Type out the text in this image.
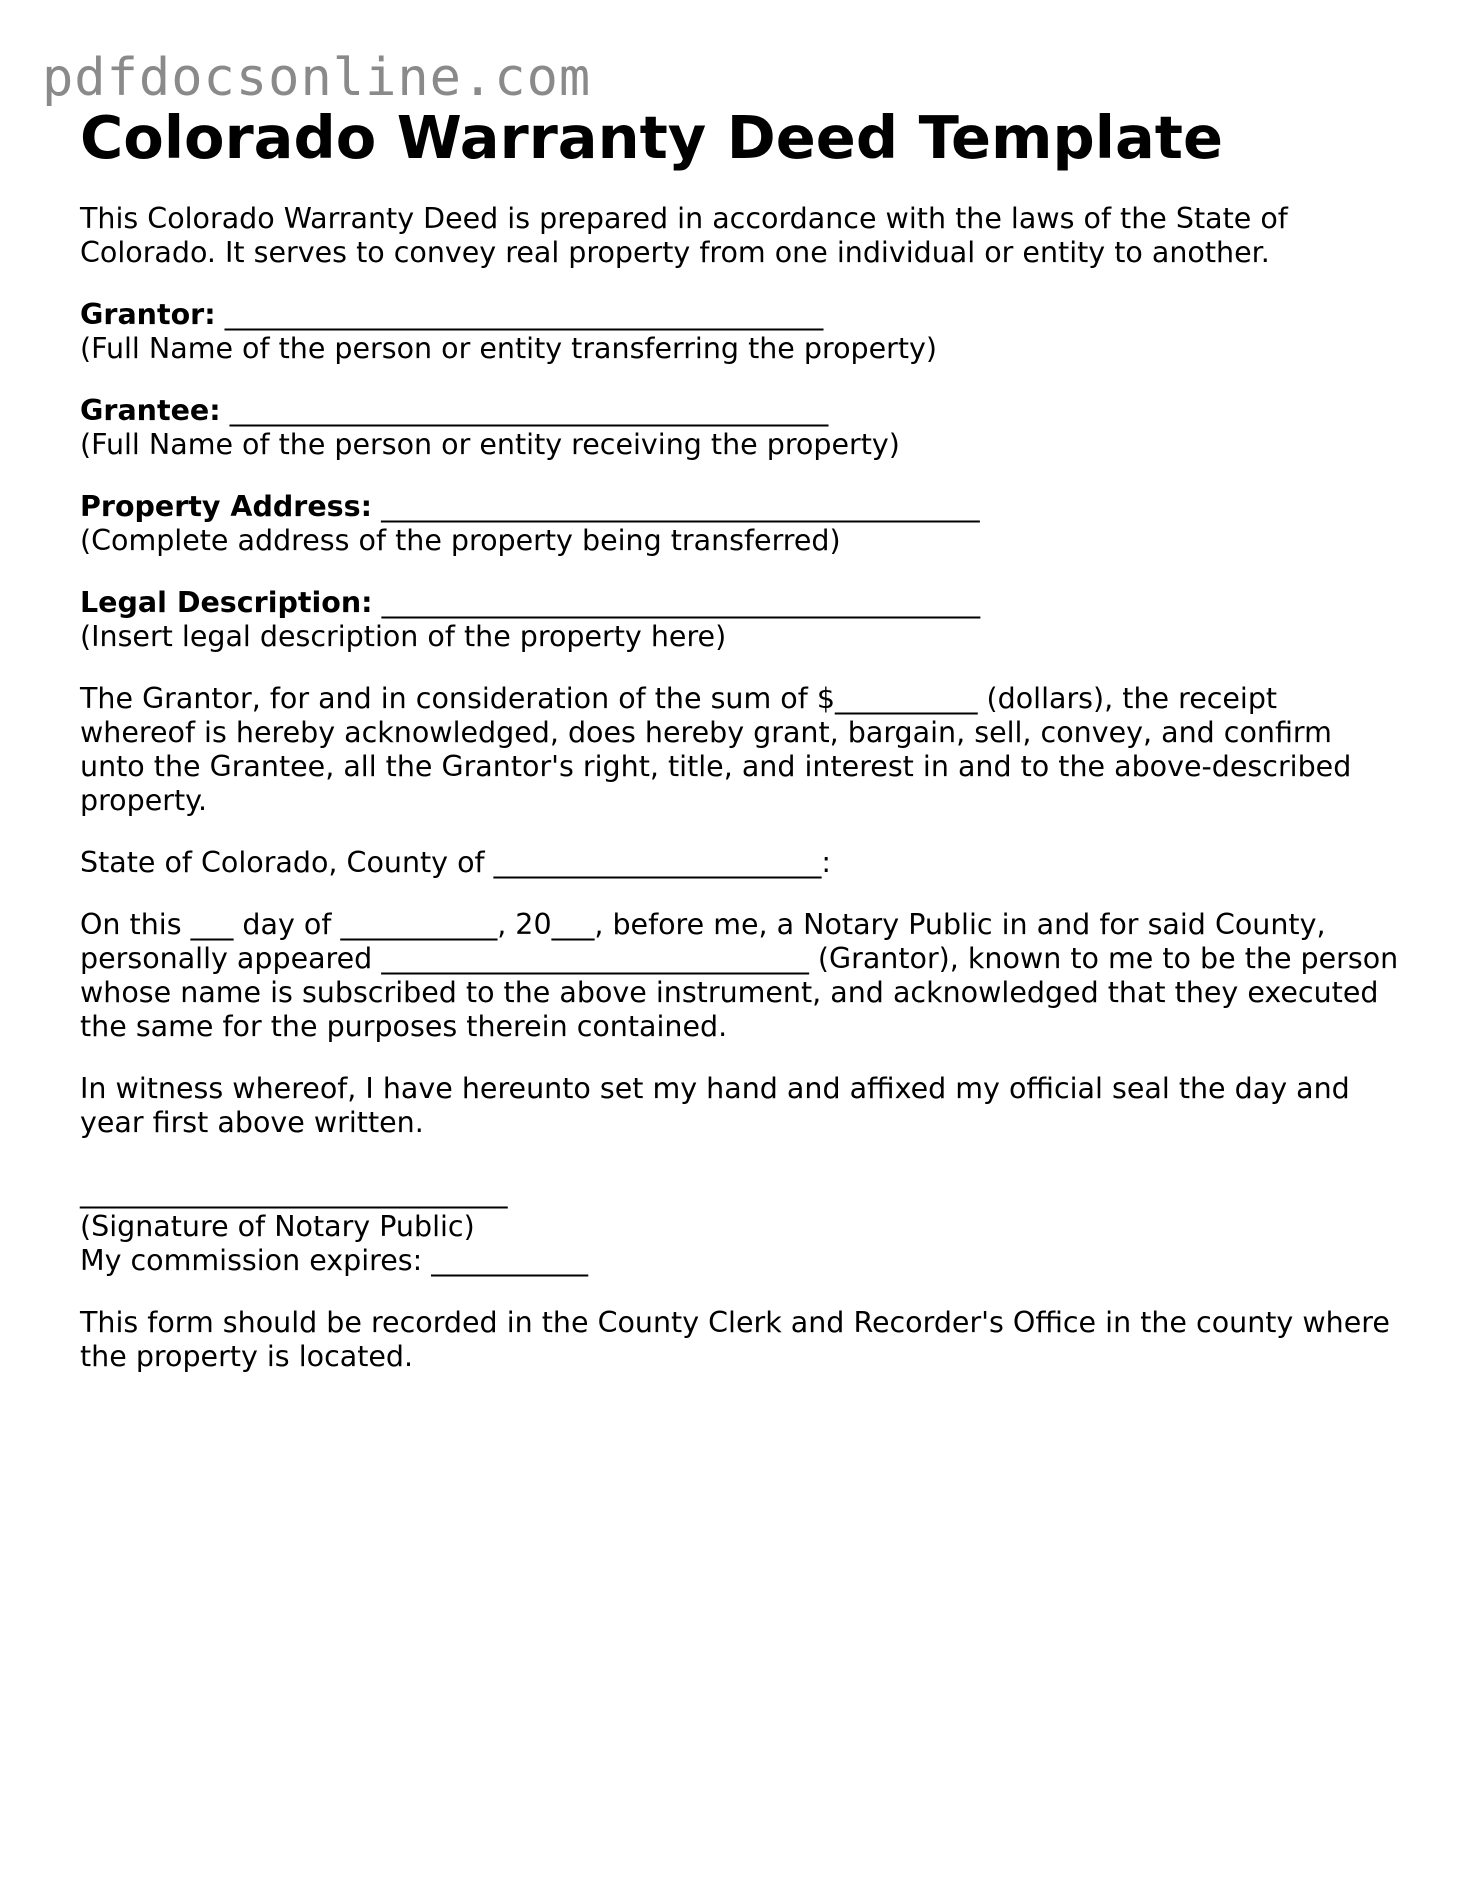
pdfdocsonline.com
Colorado Warranty Deed Template

This Colorado Warranty Deed is prepared in accordance with the laws of the State of Colorado. It serves to convey real property from one individual or entity to another.

Grantor: __________________________________________

(Full Name of the person or entity transferring the property)

Grantee: __________________________________________

(Full Name of the person or entity receiving the property)

Property Address: __________________________________________

(Complete address of the property being transferred)

Legal Description: __________________________________________

(Insert legal description of the property here)

The Grantor, for and in consideration of the sum of $__________ (dollars), the receipt whereof is hereby acknowledged, does hereby grant, bargain, sell, convey, and confirm unto the Grantee, all the Grantor's right, title, and interest in and to the above-described property.

State of Colorado, County of _______________________:

On this ___ day of ___________, 20___, before me, a Notary Public in and for said County, personally appeared ______________________________ (Grantor), known to me to be the person whose name is subscribed to the above instrument, and acknowledged that they executed the same for the purposes therein contained.

In witness whereof, I have hereunto set my hand and affixed my official seal the day and year first above written.

______________________________

(Signature of Notary Public)

My commission expires: ___________

This form should be recorded in the County Clerk and Recorder's Office in the county where the property is located.
